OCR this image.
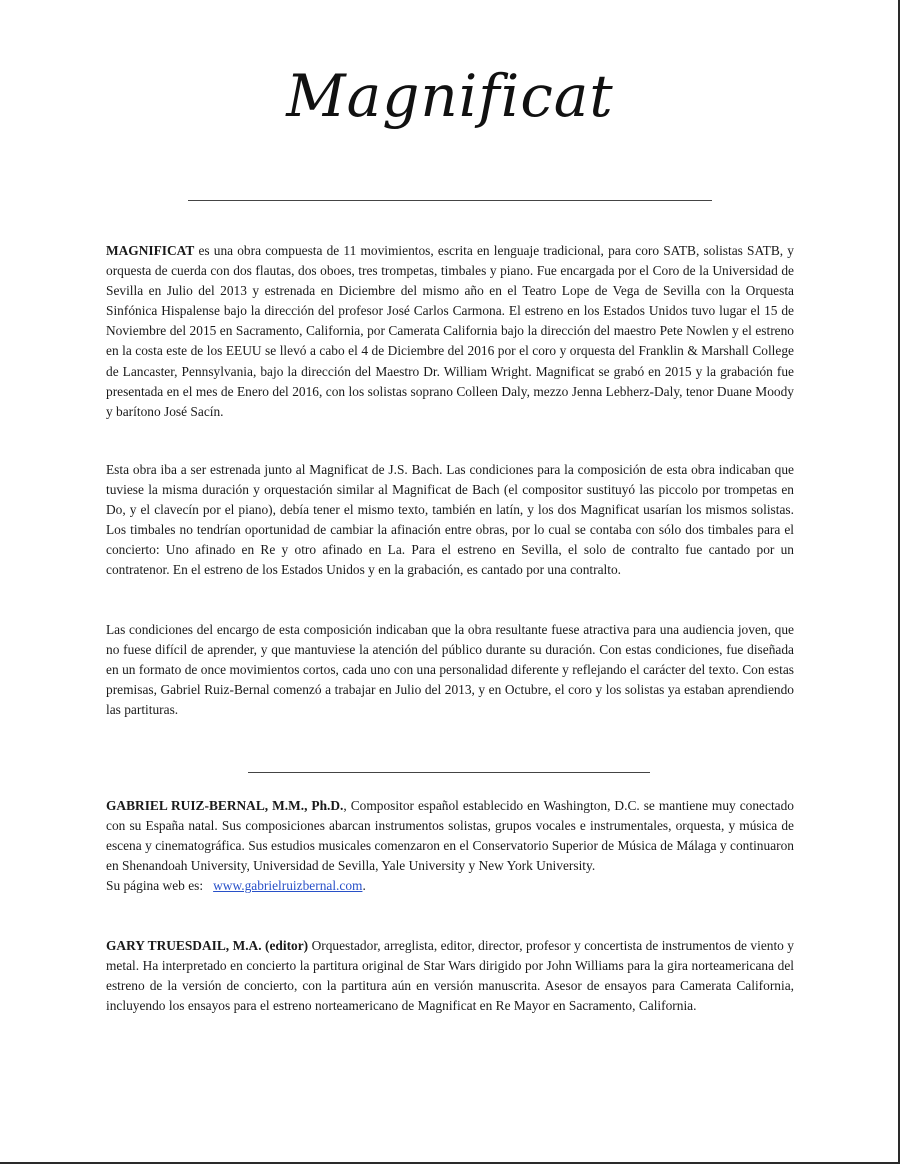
Magnificat

MAGNIFICAT es una obra compuesta de 11 movimientos, escrita en lenguaje tradicional, para coro SATB, solistas SATB, y orquesta de cuerda con dos flautas, dos oboes, tres trompetas, timbales y piano. Fue encargada por el Coro de la Universidad de Sevilla en Julio del 2013 y estrenada en Diciembre del mismo año en el Teatro Lope de Vega de Sevilla con la Orquesta Sinfónica Hispalense bajo la dirección del profesor José Carlos Carmona. El estreno en los Estados Unidos tuvo lugar el 15 de Noviembre del 2015 en Sacramento, California, por Camerata California bajo la dirección del maestro Pete Nowlen y el estreno en la costa este de los EEUU se llevó a cabo el 4 de Diciembre del 2016 por el coro y orquesta del Franklin & Marshall College de Lancaster, Pennsylvania, bajo la dirección del Maestro Dr. William Wright. Magnificat se grabó en 2015 y la grabación fue presentada en el mes de Enero del 2016, con los solistas soprano Colleen Daly, mezzo Jenna Lebherz-Daly, tenor Duane Moody y barítono José Sacín.

Esta obra iba a ser estrenada junto al Magnificat de J.S. Bach. Las condiciones para la composición de esta obra indicaban que tuviese la misma duración y orquestación similar al Magnificat de Bach (el compositor sustituyó las piccolo por trompetas en Do, y el clavecín por el piano), debía tener el mismo texto, también en latín, y los dos Magnificat usarían los mismos solistas. Los timbales no tendrían oportunidad de cambiar la afinación entre obras, por lo cual se contaba con sólo dos timbales para el concierto: Uno afinado en Re y otro afinado en La. Para el estreno en Sevilla, el solo de contralto fue cantado por un contratenor. En el estreno de los Estados Unidos y en la grabación, es cantado por una contralto.

Las condiciones del encargo de esta composición indicaban que la obra resultante fuese atractiva para una audiencia joven, que no fuese difícil de aprender, y que mantuviese la atención del público durante su duración. Con estas condiciones, fue diseñada en un formato de once movimientos cortos, cada uno con una personalidad diferente y reflejando el carácter del texto. Con estas premisas, Gabriel Ruiz-Bernal comenzó a trabajar en Julio del 2013, y en Octubre, el coro y los solistas ya estaban aprendiendo las partituras.

GABRIEL RUIZ-BERNAL, M.M., Ph.D., Compositor español establecido en Washington, D.C. se mantiene muy conectado con su España natal. Sus composiciones abarcan instrumentos solistas, grupos vocales e instrumentales, orquesta, y música de escena y cinematográfica. Sus estudios musicales comenzaron en el Conservatorio Superior de Música de Málaga y continuaron en Shenandoah University, Universidad de Sevilla, Yale University y New York University.
Su página web es: www.gabrielruizbernal.com.

GARY TRUESDAIL, M.A. (editor) Orquestador, arreglista, editor, director, profesor y concertista de instrumentos de viento y metal. Ha interpretado en concierto la partitura original de Star Wars dirigido por John Williams para la gira norteamericana del estreno de la versión de concierto, con la partitura aún en versión manuscrita. Asesor de ensayos para Camerata California, incluyendo los ensayos para el estreno norteamericano de Magnificat en Re Mayor en Sacramento, California.
